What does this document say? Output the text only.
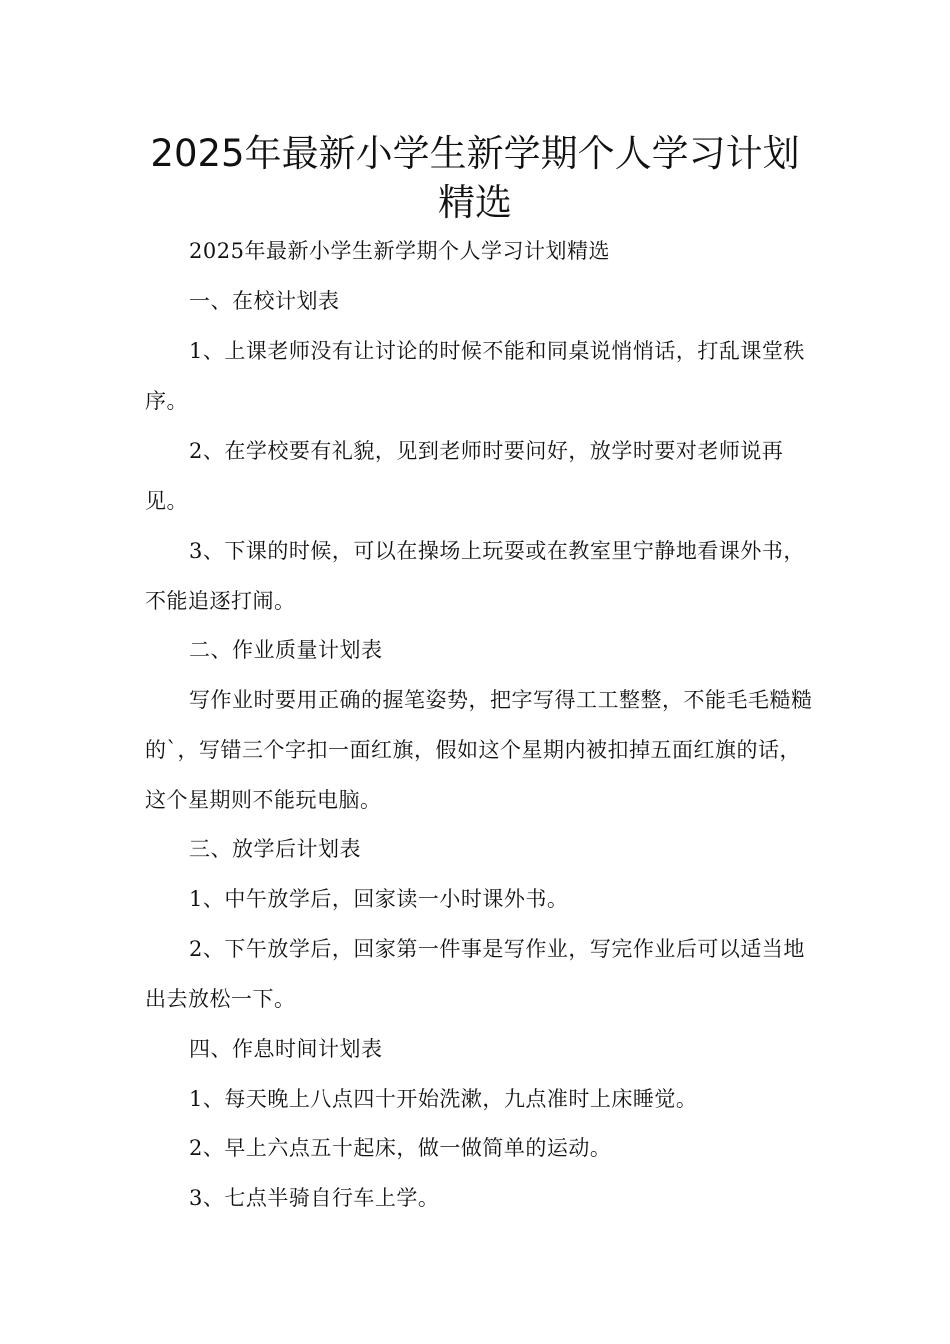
2025年最新小学生新学期个人学习计划
精选

2025年最新小学生新学期个人学习计划精选

一、在校计划表

1、上课老师没有让讨论的时候不能和同桌说悄悄话，打乱课堂秩序。

2、在学校要有礼貌，见到老师时要问好，放学时要对老师说再见。

3、下课的时候，可以在操场上玩耍或在教室里宁静地看课外书，不能追逐打闹。

二、作业质量计划表

写作业时要用正确的握笔姿势，把字写得工工整整，不能毛毛糙糙的`，写错三个字扣一面红旗，假如这个星期内被扣掉五面红旗的话，这个星期则不能玩电脑。

三、放学后计划表

1、中午放学后，回家读一小时课外书。

2、下午放学后，回家第一件事是写作业，写完作业后可以适当地出去放松一下。

四、作息时间计划表

1、每天晚上八点四十开始洗漱，九点准时上床睡觉。

2、早上六点五十起床，做一做简单的运动。

3、七点半骑自行车上学。
